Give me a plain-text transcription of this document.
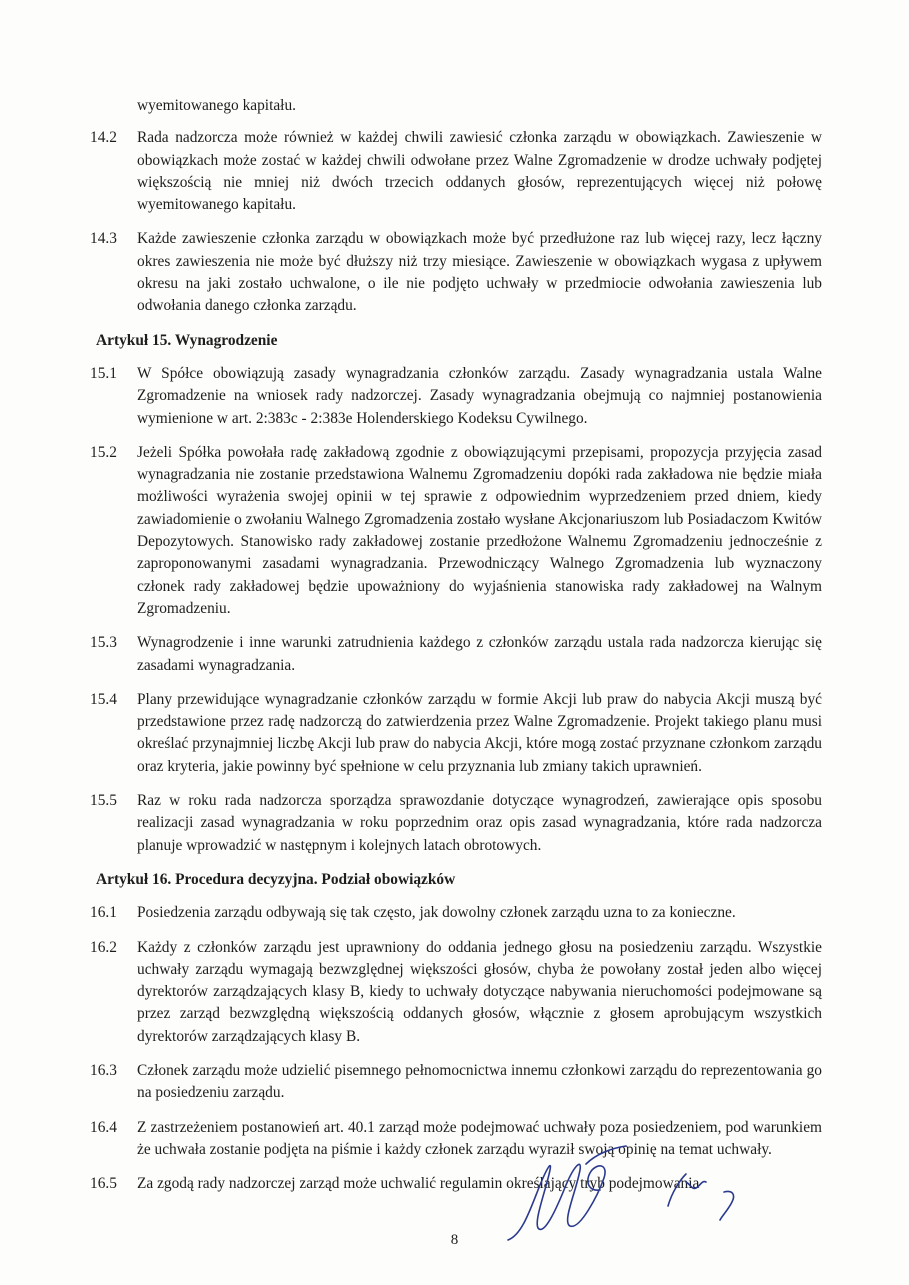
wyemitowanego kapitału.

14.2	Rada nadzorcza może również w każdej chwili zawiesić członka zarządu w obowiązkach. Zawieszenie w obowiązkach może zostać w każdej chwili odwołane przez Walne Zgromadzenie w drodze uchwały podjętej większością nie mniej niż dwóch trzecich oddanych głosów, reprezentujących więcej niż połowę wyemitowanego kapitału.
14.3	Każde zawieszenie członka zarządu w obowiązkach może być przedłużone raz lub więcej razy, lecz łączny okres zawieszenia nie może być dłuższy niż trzy miesiące. Zawieszenie w obowiązkach wygasa z upływem okresu na jaki zostało uchwalone, o ile nie podjęto uchwały w przedmiocie odwołania zawieszenia lub odwołania danego członka zarządu.
Artykuł 15. Wynagrodzenie
15.1	W Spółce obowiązują zasady wynagradzania członków zarządu. Zasady wynagradzania ustala Walne Zgromadzenie na wniosek rady nadzorczej. Zasady wynagradzania obejmują co najmniej postanowienia wymienione w art. 2:383c - 2:383e Holenderskiego Kodeksu Cywilnego.
15.2	Jeżeli Spółka powołała radę zakładową zgodnie z obowiązującymi przepisami, propozycja przyjęcia zasad wynagradzania nie zostanie przedstawiona Walnemu Zgromadzeniu dopóki rada zakładowa nie będzie miała możliwości wyrażenia swojej opinii w tej sprawie z odpowiednim wyprzedzeniem przed dniem, kiedy zawiadomienie o zwołaniu Walnego Zgromadzenia zostało wysłane Akcjonariuszom lub Posiadaczom Kwitów Depozytowych. Stanowisko rady zakładowej zostanie przedłożone Walnemu Zgromadzeniu jednocześnie z zaproponowanymi zasadami wynagradzania. Przewodniczący Walnego Zgromadzenia lub wyznaczony członek rady zakładowej będzie upoważniony do wyjaśnienia stanowiska rady zakładowej na Walnym Zgromadzeniu.
15.3	Wynagrodzenie i inne warunki zatrudnienia każdego z członków zarządu ustala rada nadzorcza kierując się zasadami wynagradzania.
15.4	Plany przewidujące wynagradzanie członków zarządu w formie Akcji lub praw do nabycia Akcji muszą być przedstawione przez radę nadzorczą do zatwierdzenia przez Walne Zgromadzenie. Projekt takiego planu musi określać przynajmniej liczbę Akcji lub praw do nabycia Akcji, które mogą zostać przyznane członkom zarządu oraz kryteria, jakie powinny być spełnione w celu przyznania lub zmiany takich uprawnień.
15.5	Raz w roku rada nadzorcza sporządza sprawozdanie dotyczące wynagrodzeń, zawierające opis sposobu realizacji zasad wynagradzania w roku poprzednim oraz opis zasad wynagradzania, które rada nadzorcza planuje wprowadzić w następnym i kolejnych latach obrotowych.
Artykuł 16. Procedura decyzyjna. Podział obowiązków
16.1	Posiedzenia zarządu odbywają się tak często, jak dowolny członek zarządu uzna to za konieczne.
16.2	Każdy z członków zarządu jest uprawniony do oddania jednego głosu na posiedzeniu zarządu. Wszystkie uchwały zarządu wymagają bezwzględnej większości głosów, chyba że powołany został jeden albo więcej dyrektorów zarządzających klasy B, kiedy to uchwały dotyczące nabywania nieruchomości podejmowane są przez zarząd bezwzględną większością oddanych głosów, włącznie z głosem aprobującym wszystkich dyrektorów zarządzających klasy B.
16.3	Członek zarządu może udzielić pisemnego pełnomocnictwa innemu członkowi zarządu do reprezentowania go na posiedzeniu zarządu.
16.4	Z zastrzeżeniem postanowień art. 40.1 zarząd może podejmować uchwały poza posiedzeniem, pod warunkiem że uchwała zostanie podjęta na piśmie i każdy członek zarządu wyraził swoją opinię na temat uchwały.
16.5	Za zgodą rady nadzorczej zarząd może uchwalić regulamin określający tryb podejmowania
8
